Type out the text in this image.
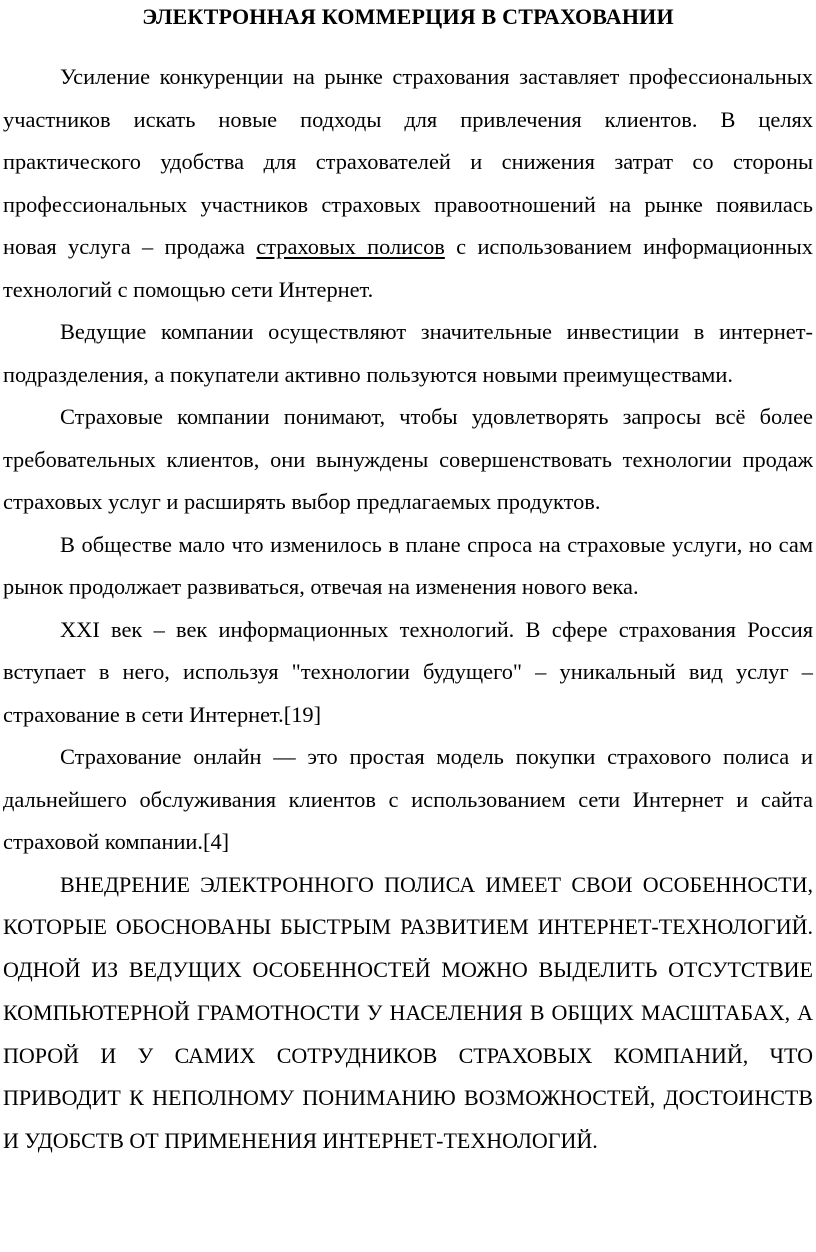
ЭЛЕКТРОННАЯ КОММЕРЦИЯ В СТРАХОВАНИИ

Усиление конкуренции на рынке страхования заставляет профессиональных участников искать новые подходы для привлечения клиентов. В целях практического удобства для страхователей и снижения затрат со стороны профессиональных участников страховых правоотношений на рынке появилась новая услуга – продажа страховых полисов с использованием информационных технологий с помощью сети Интернет.

Ведущие компании осуществляют значительные инвестиции в интернет-подразделения, а покупатели активно пользуются новыми преимуществами.

Страховые компании понимают, чтобы удовлетворять запросы всё более требовательных клиентов, они вынуждены совершенствовать технологии продаж страховых услуг и расширять выбор предлагаемых продуктов.

В обществе мало что изменилось в плане спроса на страховые услуги, но сам рынок продолжает развиваться, отвечая на изменения нового века.

XXI век – век информационных технологий. В сфере страхования Россия вступает в него, используя "технологии будущего" – уникальный вид услуг – страхование в сети Интернет.[19]

Страхование онлайн — это простая модель покупки страхового полиса и дальнейшего обслуживания клиентов с использованием сети Интернет и сайта страховой компании.[4]

ВНЕДРЕНИЕ ЭЛЕКТРОННОГО ПОЛИСА ИМЕЕТ СВОИ ОСОБЕННОСТИ, КОТОРЫЕ ОБОСНОВАНЫ БЫСТРЫМ РАЗВИТИЕМ ИНТЕРНЕТ-ТЕХНОЛОГИЙ. ОДНОЙ ИЗ ВЕДУЩИХ ОСОБЕННОСТЕЙ МОЖНО ВЫДЕЛИТЬ ОТСУТСТВИЕ КОМПЬЮТЕРНОЙ ГРАМОТНОСТИ У НАСЕЛЕНИЯ В ОБЩИХ МАСШТАБАХ, А ПОРОЙ И У САМИХ СОТРУДНИКОВ СТРАХОВЫХ КОМПАНИЙ, ЧТО ПРИВОДИТ К НЕПОЛНОМУ ПОНИМАНИЮ ВОЗМОЖНОСТЕЙ, ДОСТОИНСТВ И УДОБСТВ ОТ ПРИМЕНЕНИЯ ИНТЕРНЕТ-ТЕХНОЛОГИЙ.
